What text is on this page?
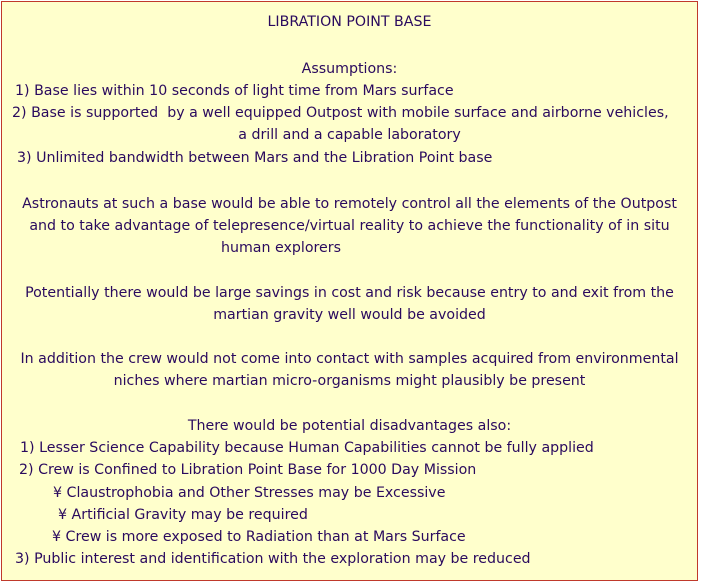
LIBRATION POINT BASE
Assumptions:
1) Base lies within 10 seconds of light time from Mars surface
2) Base is supported  by a well equipped Outpost with mobile surface and airborne vehicles,
a drill and a capable laboratory
3) Unlimited bandwidth between Mars and the Libration Point base
Astronauts at such a base would be able to remotely control all the elements of the Outpost
and to take advantage of telepresence/virtual reality to achieve the functionality of in situ
human explorers
Potentially there would be large savings in cost and risk because entry to and exit from the
martian gravity well would be avoided
In addition the crew would not come into contact with samples acquired from environmental
niches where martian micro-organisms might plausibly be present
There would be potential disadvantages also:
1) Lesser Science Capability because Human Capabilities cannot be fully applied
2) Crew is Confined to Libration Point Base for 1000 Day Mission
¥ Claustrophobia and Other Stresses may be Excessive
¥ Artificial Gravity may be required
¥ Crew is more exposed to Radiation than at Mars Surface
3) Public interest and identification with the exploration may be reduced
